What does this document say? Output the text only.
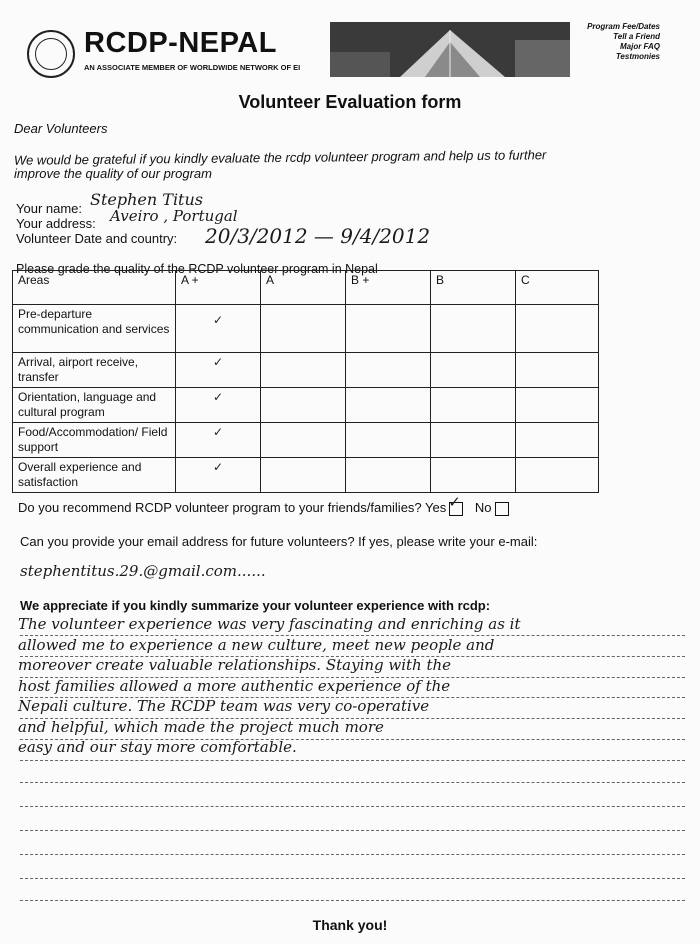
RCDP-NEPAL
AN ASSOCIATE MEMBER OF WORLDWIDE NETWORK OF EI
Program Fee/Dates
Tell a Friend
Major FAQ
Testmonies
Volunteer Evaluation form
Dear Volunteers
We would be grateful if you kindly evaluate the rcdp volunteer program and help us to further
improve the quality of our program
Your name: Stephen Titus
Your address: Aveiro , Portugal
Volunteer Date and country: 20/3/2012 — 9/4/2012
Please grade the quality of the RCDP volunteer program in Nepal
Areas	A +	A	B +	B	C
Pre-departure communication and services	✓				
Arrival, airport receive, transfer	✓				
Orientation, language and cultural program	✓				
Food/Accommodation/ Field support	✓				
Overall experience and satisfaction	✓				
Do you recommend RCDP volunteer program to your friends/families? Yes ✓ No
Can you provide your email address for future volunteers? If yes, please write your e-mail:
stephentitus.29.@gmail.com......
We appreciate if you kindly summarize your volunteer experience with rcdp:
The volunteer experience was very fascinating and enriching as it
allowed me to experience a new culture, meet new people and
moreover create valuable relationships. Staying with the
host families allowed a more authentic experience of the
Nepali culture. The RCDP team was very co-operative
and helpful, which made the project much more
easy and our stay more comfortable.
Thank you!
